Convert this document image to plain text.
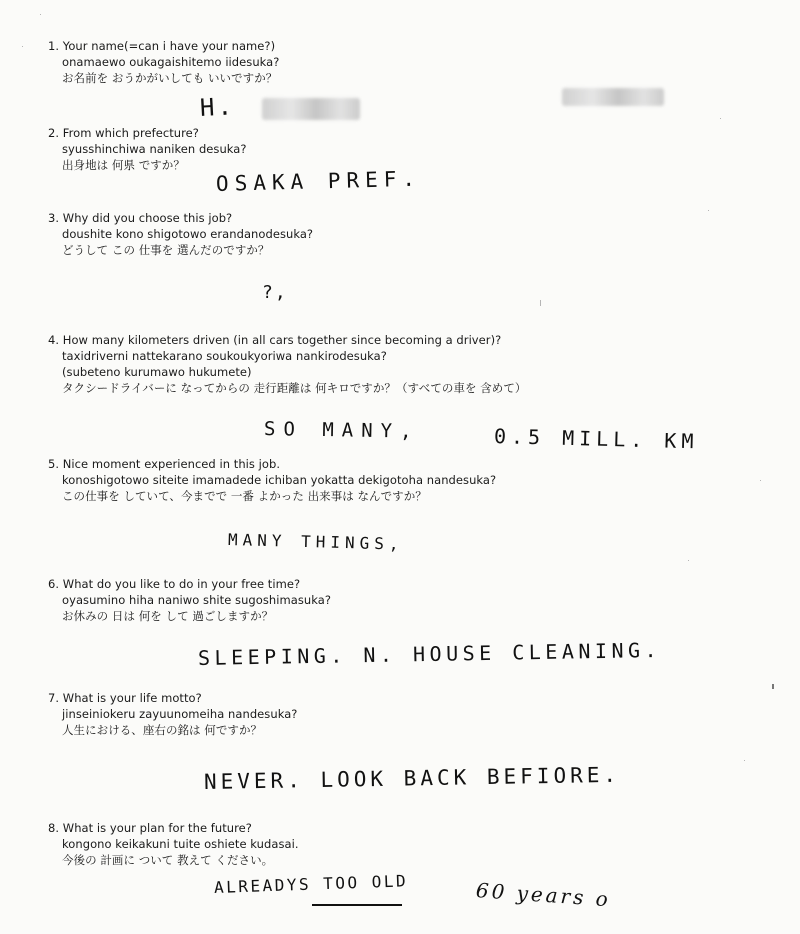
1. Your name(=can i have your name?)
onamaewo oukagaishitemo iidesuka?
お名前を おうかがいしても いいですか？
H.
2. From which prefecture?
syusshinchiwa naniken desuka?
出身地は 何県 ですか？
OSAKA PREF.
3. Why did you choose this job?
doushite kono shigotowo erandanodesuka?
どうして この 仕事を 選んだのですか？
?,
4. How many kilometers driven (in all cars together since becoming a driver)?
taxidriverni nattekarano soukoukyoriwa nankirodesuka?
(subeteno kurumawo hukumete)
タクシードライバーに なってからの 走行距離は 何キロですか？（すべての車を 含めて）
SO MANY,	0.5 MILL. KM
5. Nice moment experienced in this job.
konoshigotowo siteite imamadede ichiban yokatta dekigotoha nandesuka?
この仕事を していて、今までで 一番 よかった 出来事は なんですか？
MANY THINGS,
6. What do you like to do in your free time?
oyasumino hiha naniwo shite sugoshimasuka?
お休みの 日は 何を して 過ごしますか？
SLEEPING. N. HOUSE CLEANING.
7. What is your life motto?
jinseiniokeru zayuunomeiha nandesuka?
人生における、座右の銘は 何ですか？
NEVER. LOOK BACK BEFIORE.
8. What is your plan for the future?
kongono keikakuni tuite oshiete kudasai.
今後の 計画に ついて 教えて ください。
ALREADYS TOO OLD	60 years o
